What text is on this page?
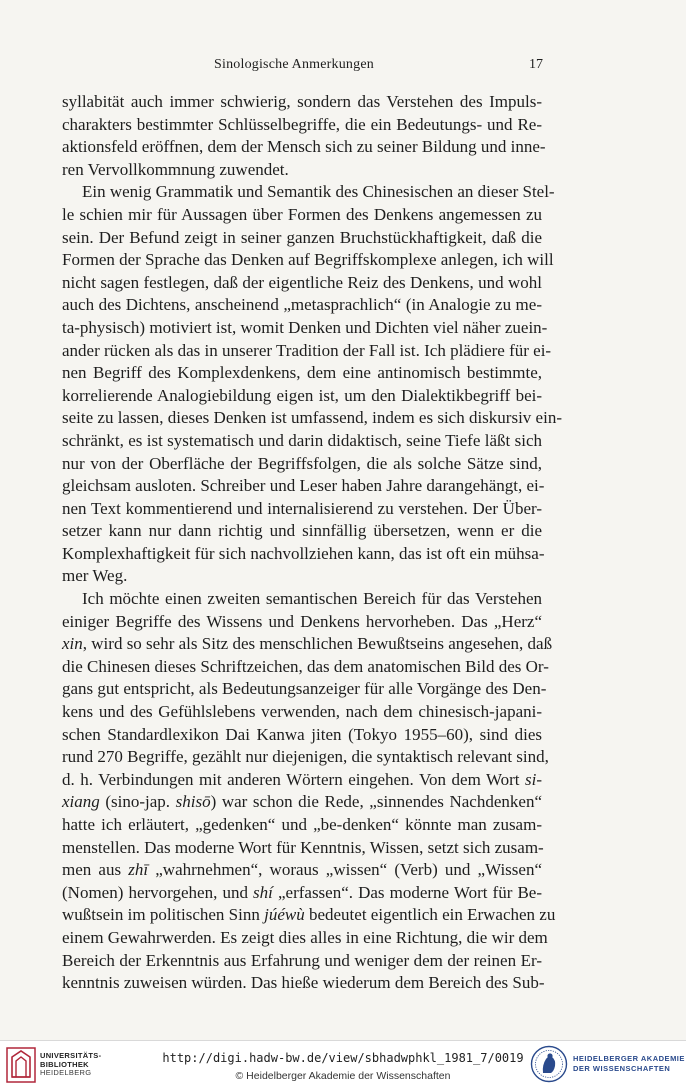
Sinologische Anmerkungen	17
syllabität auch immer schwierig, sondern das Verstehen des Impuls-
charakters bestimmter Schlüsselbegriffe, die ein Bedeutungs- und Re-
aktionsfeld eröffnen, dem der Mensch sich zu seiner Bildung und inne-
ren Vervollkommnung zuwendet.
Ein wenig Grammatik und Semantik des Chinesischen an dieser Stel-
le schien mir für Aussagen über Formen des Denkens angemessen zu
sein. Der Befund zeigt in seiner ganzen Bruchstückhaftigkeit, daß die
Formen der Sprache das Denken auf Begriffskomplexe anlegen, ich will
nicht sagen festlegen, daß der eigentliche Reiz des Denkens, und wohl
auch des Dichtens, anscheinend „metasprachlich“ (in Analogie zu me-
ta-physisch) motiviert ist, womit Denken und Dichten viel näher zuein-
ander rücken als das in unserer Tradition der Fall ist. Ich plädiere für ei-
nen Begriff des Komplexdenkens, dem eine antinomisch bestimmte,
korrelierende Analogiebildung eigen ist, um den Dialektikbegriff bei-
seite zu lassen, dieses Denken ist umfassend, indem es sich diskursiv ein-
schränkt, es ist systematisch und darin didaktisch, seine Tiefe läßt sich
nur von der Oberfläche der Begriffsfolgen, die als solche Sätze sind,
gleichsam ausloten. Schreiber und Leser haben Jahre darangehängt, ei-
nen Text kommentierend und internalisierend zu verstehen. Der Über-
setzer kann nur dann richtig und sinnfällig übersetzen, wenn er die
Komplexhaftigkeit für sich nachvollziehen kann, das ist oft ein mühsa-
mer Weg.
Ich möchte einen zweiten semantischen Bereich für das Verstehen
einiger Begriffe des Wissens und Denkens hervorheben. Das „Herz“
xin, wird so sehr als Sitz des menschlichen Bewußtseins angesehen, daß
die Chinesen dieses Schriftzeichen, das dem anatomischen Bild des Or-
gans gut entspricht, als Bedeutungsanzeiger für alle Vorgänge des Den-
kens und des Gefühlslebens verwenden, nach dem chinesisch-japani-
schen Standardlexikon Dai Kanwa jiten (Tokyo 1955–60), sind dies
rund 270 Begriffe, gezählt nur diejenigen, die syntaktisch relevant sind,
d. h. Verbindungen mit anderen Wörtern eingehen. Von dem Wort si-
xiang (sino-jap. shisō) war schon die Rede, „sinnendes Nachdenken“
hatte ich erläutert, „gedenken“ und „be-denken“ könnte man zusam-
menstellen. Das moderne Wort für Kenntnis, Wissen, setzt sich zusam-
men aus zhī „wahrnehmen“, woraus „wissen“ (Verb) und „Wissen“
(Nomen) hervorgehen, und shí „erfassen“. Das moderne Wort für Be-
wußtsein im politischen Sinn júéwù bedeutet eigentlich ein Erwachen zu
einem Gewahrwerden. Es zeigt dies alles in eine Richtung, die wir dem
Bereich der Erkenntnis aus Erfahrung und weniger dem der reinen Er-
kenntnis zuweisen würden. Das hieße wiederum dem Bereich des Sub-
UNIVERSITÄTS-
BIBLIOTHEK
HEIDELBERG
http://digi.hadw-bw.de/view/sbhadwphkl_1981_7/0019
© Heidelberger Akademie der Wissenschaften
HEIDELBERGER AKADEMIE
DER WISSENSCHAFTEN
